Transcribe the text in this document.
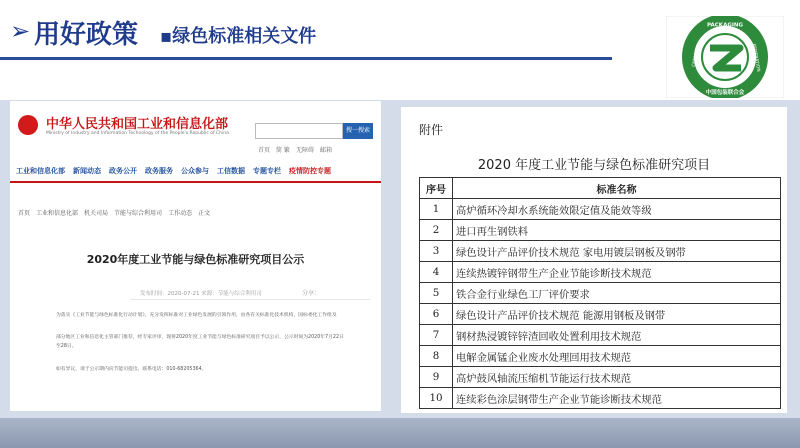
➢ 用好政策 ▪绿色标准相关文件
PACKAGING
中国包装联合会
CHINA	FEDERATION
中华人民共和国工业和信息化部
Ministry of Industry and Information Technology of the People's Republic of China	搜一搜索
首页 简 繁 无障碍 邮箱
工业和信息化部 新闻动态 政务公开 政务服务 公众参与 工信数据 专题专栏 疫情防控专题
首页 工业和信息化部 机关司局 节能与综合利用司 工作动态 正文
2020年度工业节能与绿色标准研究项目公示
发布时间：2020-07-21 来源：节能与综合利用司	分享：
为落实《工业节能与绿色标准化行动计划》，充分发挥标准对工业绿色发展的引领作用，由各有关标准化技术机构，国标委化工作组及
部分地区工业和信息化主管部门推荐，经专家评审，现将2020年度工业节能与绿色标准研究项目予以公示，公示时间为2020年7月22日至28日。
如有异议，请于公示期内向节能司提出。联系电话：010-68205364。
附件
2020 年度工业节能与绿色标准研究项目
序号	标准名称
1	高炉循环冷却水系统能效限定值及能效等级
2	进口再生钢铁料
3	绿色设计产品评价技术规范 家电用镀层钢板及钢带
4	连续热镀锌钢带生产企业节能诊断技术规范
5	铁合金行业绿色工厂评价要求
6	绿色设计产品评价技术规范 能源用钢板及钢带
7	钢材热浸镀锌锌渣回收处置利用技术规范
8	电解金属锰企业废水处理回用技术规范
9	高炉鼓风轴流压缩机节能运行技术规范
10	连续彩色涂层钢带生产企业节能诊断技术规范
